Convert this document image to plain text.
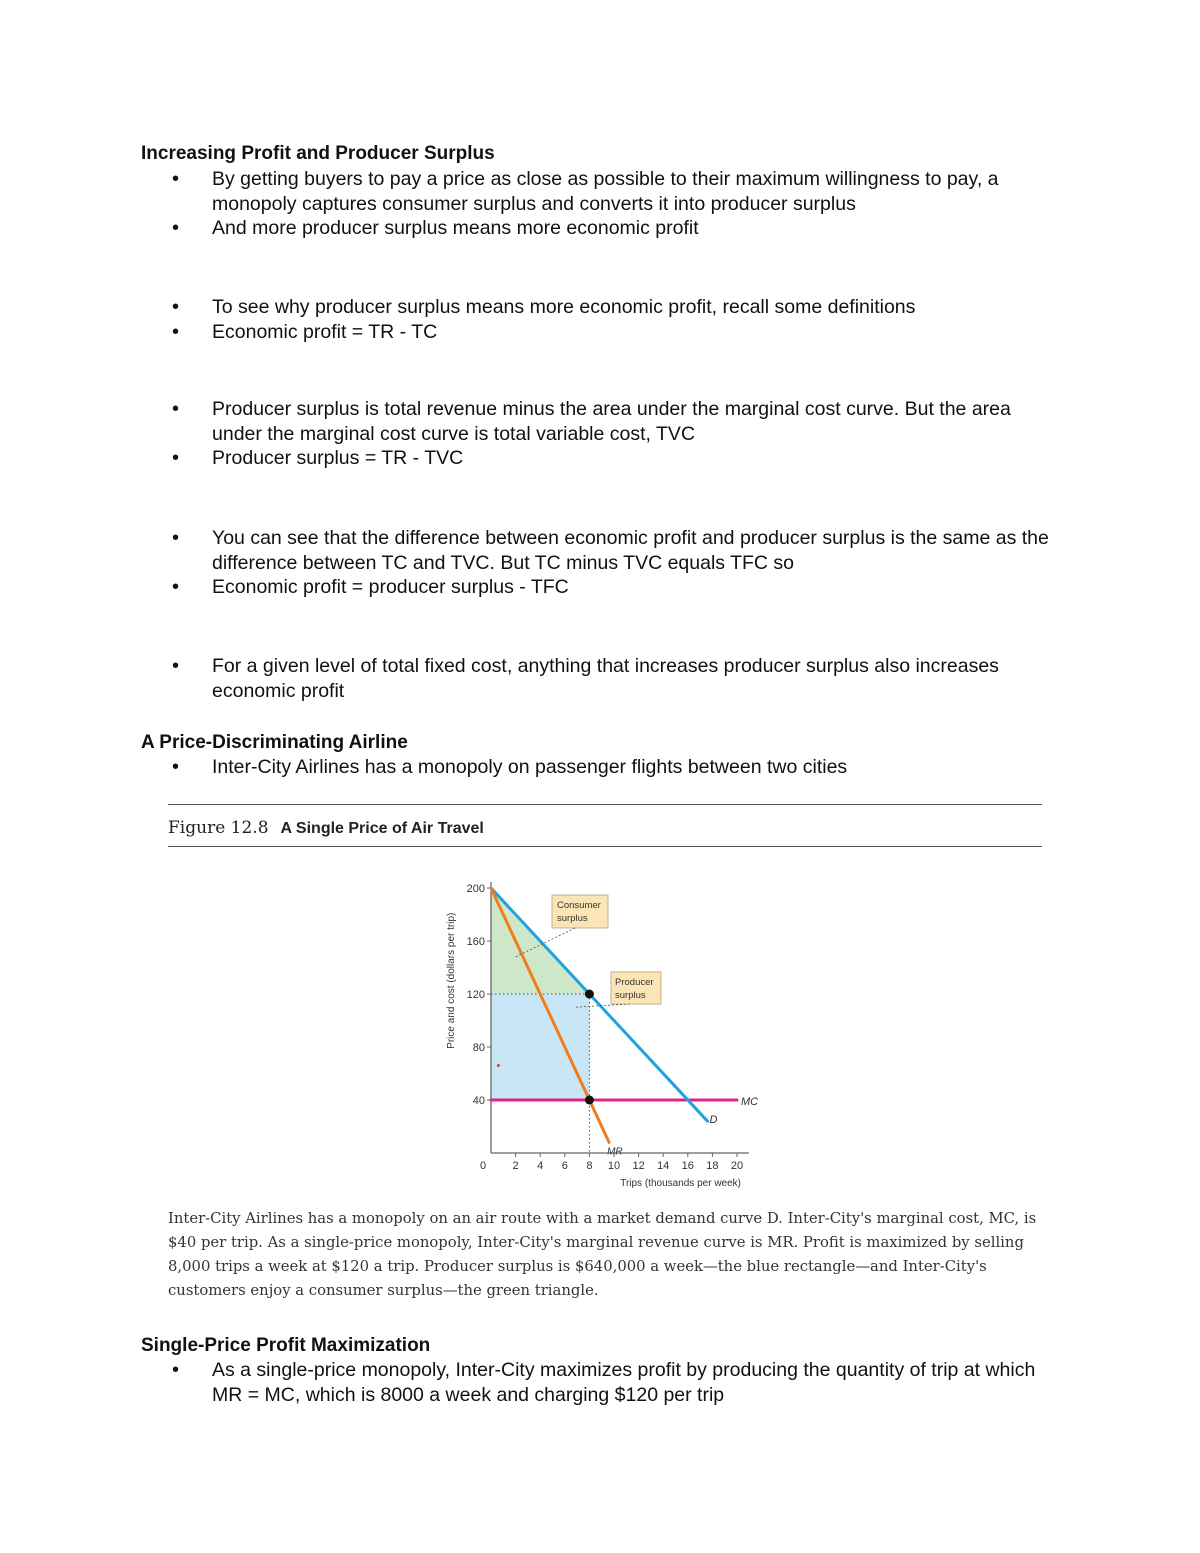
Increasing Profit and Producer Surplus
• By getting buyers to pay a price as close as possible to their maximum willingness to pay, a monopoly captures consumer surplus and converts it into producer surplus
• And more producer surplus means more economic profit
• To see why producer surplus means more economic profit, recall some definitions
• Economic profit = TR - TC
• Producer surplus is total revenue minus the area under the marginal cost curve. But the area under the marginal cost curve is total variable cost, TVC
• Producer surplus = TR - TVC
• You can see that the difference between economic profit and producer surplus is the same as the difference between TC and TVC. But TC minus TVC equals TFC so
• Economic profit = producer surplus - TFC
• For a given level of total fixed cost, anything that increases producer surplus also increases economic profit
A Price-Discriminating Airline
• Inter-City Airlines has a monopoly on passenger flights between two cities

Figure 12.8 A Single Price of Air Travel

40
80
120
160
200
0 2 4 6 8 10 12 14 16 18 20
Trips (thousands per week)
Price and cost (dollars per trip)
MC
D
MR
Consumer
surplus
Producer
surplus

Inter-City Airlines has a monopoly on an air route with a market demand curve D. Inter-City's marginal cost, MC, is $40 per trip. As a single-price monopoly, Inter-City's marginal revenue curve is MR. Profit is maximized by selling 8,000 trips a week at $120 a trip. Producer surplus is $640,000 a week—the blue rectangle—and Inter-City's customers enjoy a consumer surplus—the green triangle.

Single-Price Profit Maximization
• As a single-price monopoly, Inter-City maximizes profit by producing the quantity of trip at which MR = MC, which is 8000 a week and charging $120 per trip
